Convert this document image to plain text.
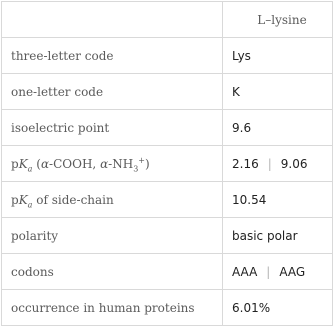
	L–lysine
three-letter code	Lys
one-letter code	K
isoelectric point	9.6
$pK_a$ (α-COOH, $\alpha-NH_3^+$)	2.16 | 9.06
$pK_a$ of side-chain	10.54
polarity	basic polar
codons	AAA | AAG
occurrence in human proteins	6.01%
